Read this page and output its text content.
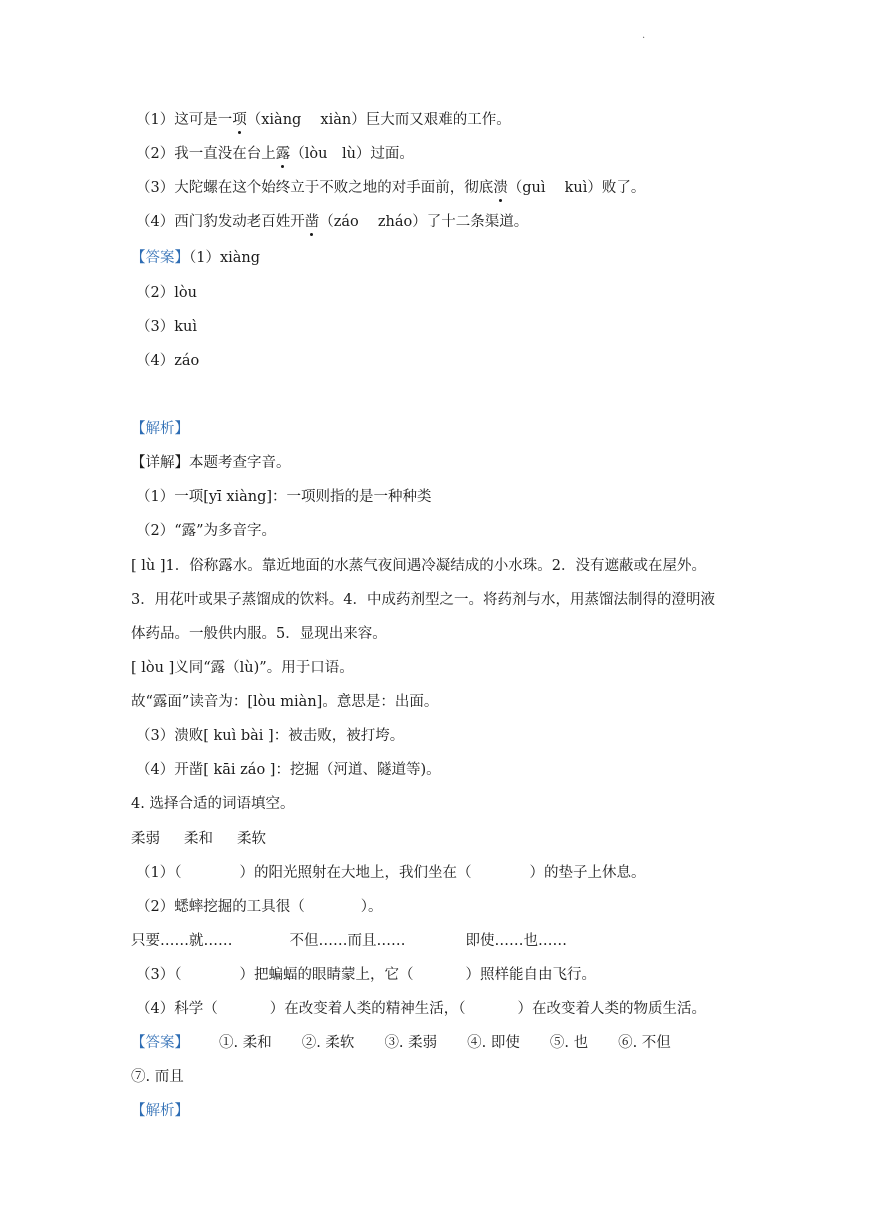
.
（1）这可是一项（xiàng　 xiàn）巨大而又艰难的工作。
（2）我一直没在台上露（lòu　lù）过面。
（3）大陀螺在这个始终立于不败之地的对手面前，彻底溃（guì　 kuì）败了。
（4）西门豹发动老百姓开凿（záo　 zháo）了十二条渠道。
【答案】（1）xiàng
（2）lòu
（3）kuì
（4）záo
【解析】
【详解】本题考查字音。
（1）一项[yī xiàng]：一项则指的是一种种类
（2）“露”为多音字。
[ lù ]1．俗称露水。靠近地面的水蒸气夜间遇冷凝结成的小水珠。2．没有遮蔽或在屋外。
3．用花叶或果子蒸馏成的饮料。4．中成药剂型之一。将药剂与水，用蒸馏法制得的澄明液
体药品。一般供内服。5．显现出来容。
[ lòu ]义同“露（lù)”。用于口语。
故“露面”读音为：[lòu miàn]。意思是：出面。
（3）溃败[ kuì bài ]：被击败，被打垮。
（4）开凿[ kāi záo ]：挖掘（河道、隧道等)。
4. 选择合适的词语填空。
柔弱 柔和 柔软
（1）（	）的阳光照射在大地上，我们坐在（	）的垫子上休息。
（2）蟋蟀挖掘的工具很（	）。
只要……就……	不但……而且……	即使……也……
（3）（	）把蝙蝠的眼睛蒙上，它（	）照样能自由飞行。
（4）科学（	）在改变着人类的精神生活，（	）在改变着人类的物质生活。
【答案】 ①. 柔和 ②. 柔软 ③. 柔弱 ④. 即使 ⑤. 也 ⑥. 不但
⑦. 而且
【解析】
